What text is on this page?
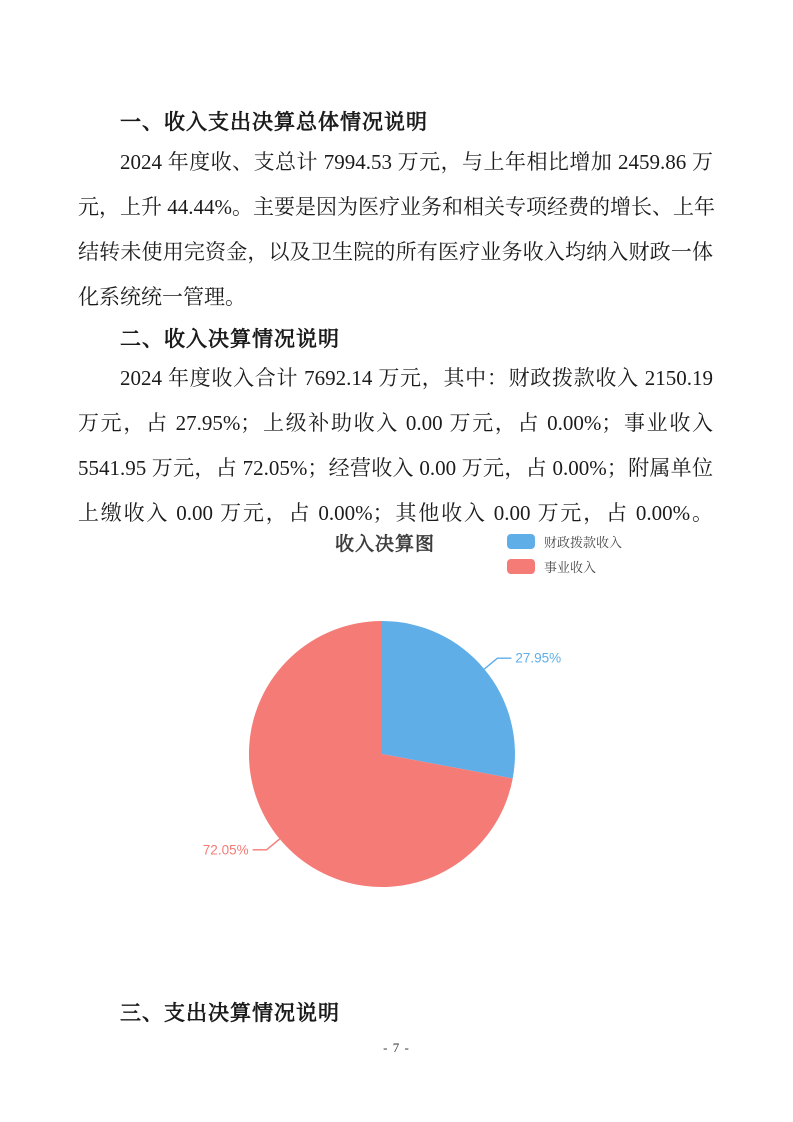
一、收入支出决算总体情况说明
2024 年度收、支总计 7994.53 万元，与上年相比增加 2459.86 万
元，上升 44.44%。主要是因为医疗业务和相关专项经费的增长、上年
结转未使用完资金，以及卫生院的所有医疗业务收入均纳入财政一体
化系统统一管理。
二、收入决算情况说明
2024 年度收入合计 7692.14 万元，其中：财政拨款收入 2150.19
万元，占 27.95%；上级补助收入 0.00 万元，占 0.00%；事业收入
5541.95 万元，占 72.05%；经营收入 0.00 万元，占 0.00%；附属单位
上缴收入 0.00 万元，占 0.00%；其他收入 0.00 万元，占 0.00%。
收入决算图	财政拨款收入
事业收入
27.95%
72.05%
三、支出决算情况说明
- 7 -
